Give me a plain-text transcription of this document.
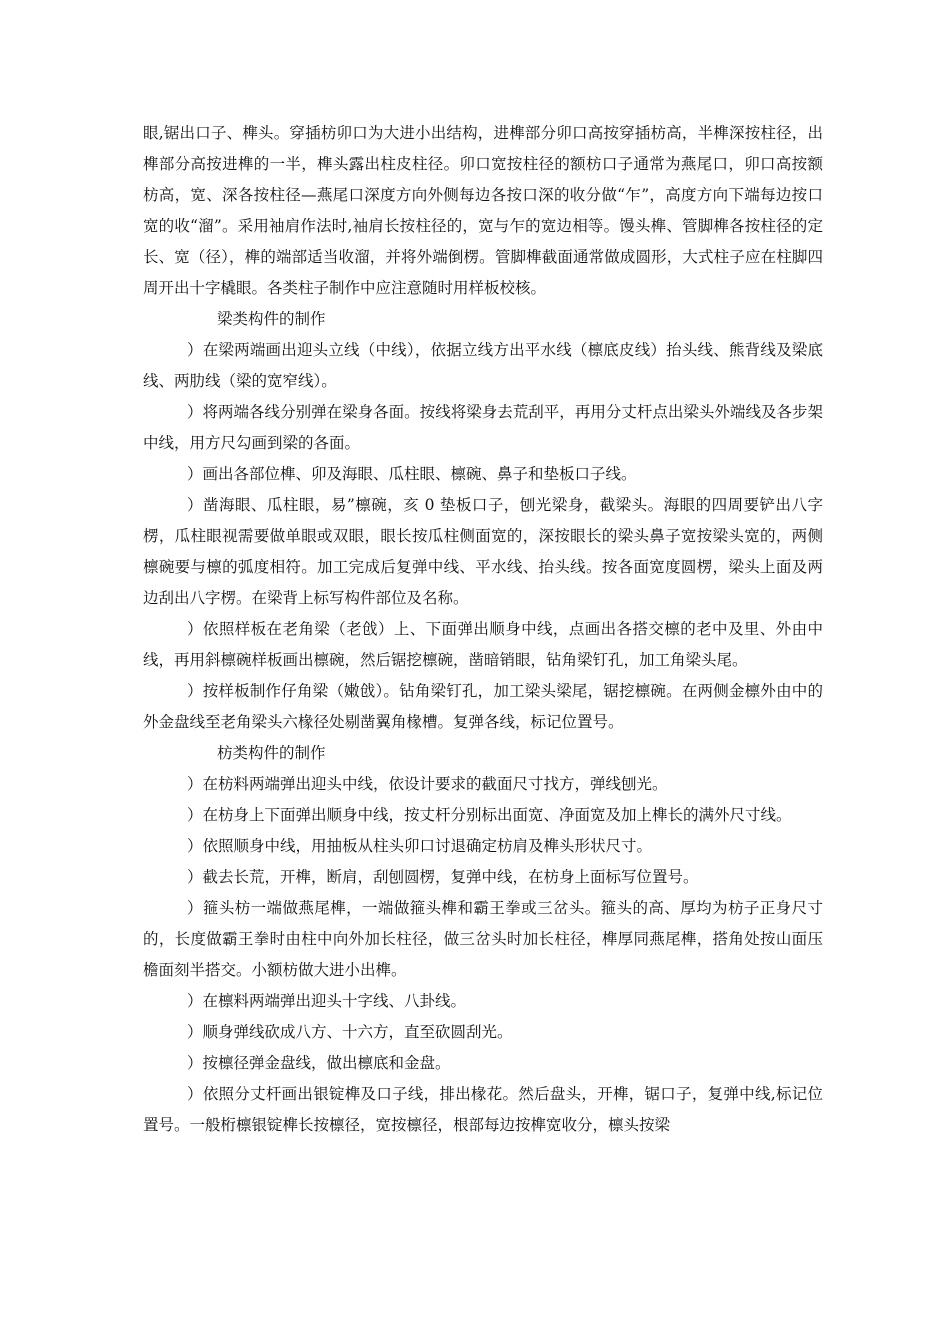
眼,锯出口子、榫头。穿插枋卯口为大进小出结构，进榫部分卯口高按穿插枋高，半榫深按柱径，出榫部分高按进榫的一半，榫头露出柱皮柱径。卯口宽按柱径的额枋口子通常为燕尾口，卯口高按额枋高，宽、深各按柱径—燕尾口深度方向外侧每边各按口深的收分做“乍”，高度方向下端每边按口宽的收“溜”。采用袖肩作法时,袖肩长按柱径的，宽与乍的宽边相等。馒头榫、管脚榫各按柱径的定长、宽（径），榫的端部适当收溜，并将外端倒楞。管脚榫截面通常做成圆形，大式柱子应在柱脚四周开出十字橇眼。各类柱子制作中应注意随时用样板校核。

梁类构件的制作

）在梁两端画出迎头立线（中线），依据立线方出平水线（檩底皮线）抬头线、熊背线及梁底线、两肋线（梁的宽窄线）。

）将两端各线分别弹在梁身各面。按线将梁身去荒刮平，再用分丈杆点出梁头外端线及各步架中线，用方尺勾画到梁的各面。

）画出各部位榫、卯及海眼、瓜柱眼、檩碗、鼻子和垫板口子线。

）凿海眼、瓜柱眼，易”檩碗，亥 0 垫板口子，刨光梁身，截梁头。海眼的四周要铲出八字楞，瓜柱眼视需要做单眼或双眼，眼长按瓜柱侧面宽的，深按眼长的梁头鼻子宽按梁头宽的，两侧檩碗要与檩的弧度相符。加工完成后复弹中线、平水线、抬头线。按各面宽度圆楞，梁头上面及两边刮出八字楞。在梁背上标写构件部位及名称。

）依照样板在老角梁（老戗）上、下面弹出顺身中线，点画出各搭交檩的老中及里、外由中线，再用斜檩碗样板画出檩碗，然后锯挖檩碗，凿暗销眼，钻角梁钉孔，加工角梁头尾。

）按样板制作仔角梁（嫩戗）。钻角梁钉孔，加工梁头梁尾，锯挖檩碗。在两侧金檩外由中的外金盘线至老角梁头六椽径处剔凿翼角椽槽。复弹各线，标记位置号。

枋类构件的制作

）在枋料两端弹出迎头中线，依设计要求的截面尺寸找方，弹线刨光。

）在枋身上下面弹出顺身中线，按丈杆分别标出面宽、净面宽及加上榫长的满外尺寸线。

）依照顺身中线，用抽板从柱头卯口讨退确定枋肩及榫头形状尺寸。

）截去长荒，开榫，断肩，刮刨圆楞，复弹中线，在枋身上面标写位置号。

）箍头枋一端做燕尾榫，一端做箍头榫和霸王拳或三岔头。箍头的高、厚均为枋子正身尺寸的，长度做霸王拳时由柱中向外加长柱径，做三岔头时加长柱径，榫厚同燕尾榫，搭角处按山面压檐面刻半搭交。小额枋做大进小出榫。

）在檩料两端弹出迎头十字线、八卦线。

）顺身弹线砍成八方、十六方，直至砍圆刮光。

）按檩径弹金盘线，做出檩底和金盘。

）依照分丈杆画出银锭榫及口子线，排出椽花。然后盘头，开榫，锯口子，复弹中线,标记位置号。一般桁檩银锭榫长按檩径，宽按檩径，根部每边按榫宽收分，檩头按梁
